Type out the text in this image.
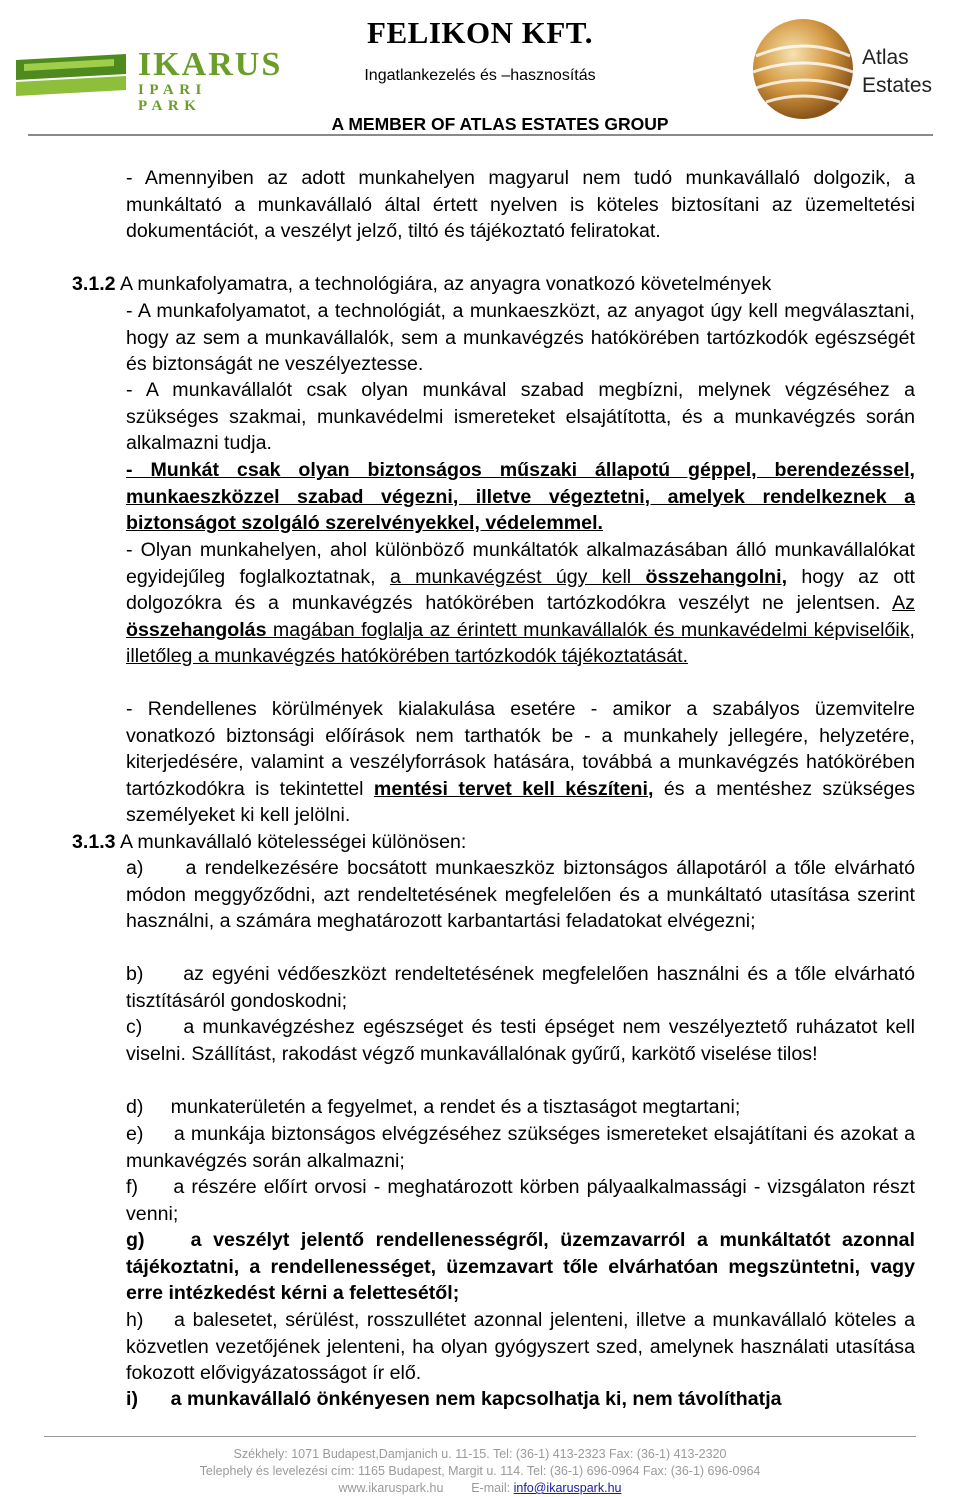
IKARUS
IPARI PARK
FELIKON KFT.
Ingatlankezelés és –hasznosítás
A MEMBER OF ATLAS ESTATES GROUP
Atlas
Estates
- Amennyiben az adott munkahelyen magyarul nem tudó munkavállaló dolgozik, a munkáltató a munkavállaló által értett nyelven is köteles biztosítani az üzemeltetési dokumentációt, a veszélyt jelző, tiltó és tájékoztató feliratokat.
3.1.2 A munkafolyamatra, a technológiára, az anyagra vonatkozó követelmények
- A munkafolyamatot, a technológiát, a munkaeszközt, az anyagot úgy kell megválasztani, hogy az sem a munkavállalók, sem a munkavégzés hatókörében tartózkodók egészségét és biztonságát ne veszélyeztesse.
- A munkavállalót csak olyan munkával szabad megbízni, melynek végzéséhez a szükséges szakmai, munkavédelmi ismereteket elsajátította, és a munkavégzés során alkalmazni tudja.
- Munkát csak olyan biztonságos műszaki állapotú géppel, berendezéssel, munkaeszközzel szabad végezni, illetve végeztetni, amelyek rendelkeznek a biztonságot szolgáló szerelvényekkel, védelemmel.
- Olyan munkahelyen, ahol különböző munkáltatók alkalmazásában álló munkavállalókat egyidejűleg foglalkoztatnak, a munkavégzést úgy kell összehangolni, hogy az ott dolgozókra és a munkavégzés hatókörében tartózkodókra veszélyt ne jelentsen. Az összehangolás magában foglalja az érintett munkavállalók és munkavédelmi képviselőik, illetőleg a munkavégzés hatókörében tartózkodók tájékoztatását.
- Rendellenes körülmények kialakulása esetére - amikor a szabályos üzemvitelre vonatkozó biztonsági előírások nem tarthatók be - a munkahely jellegére, helyzetére, kiterjedésére, valamint a veszélyforrások hatására, továbbá a munkavégzés hatókörében tartózkodókra is tekintettel mentési tervet kell készíteni, és a mentéshez szükséges személyeket ki kell jelölni.
3.1.3 A munkavállaló kötelességei különösen:
a)     a rendelkezésére bocsátott munkaeszköz biztonságos állapotáról a tőle elvárható módon meggyőződni, azt rendeltetésének megfelelően és a munkáltató utasítása szerint használni, a számára meghatározott karbantartási feladatokat elvégezni;
b)     az egyéni védőeszközt rendeltetésének megfelelően használni és a tőle elvárható tisztításáról gondoskodni;
c)     a munkavégzéshez egészséget és testi épséget nem veszélyeztető ruházatot kell viselni. Szállítást, rakodást végző munkavállalónak gyűrű, karkötő viselése tilos!
d)     munkaterületén a fegyelmet, a rendet és a tisztaságot megtartani;
e)     a munkája biztonságos elvégzéséhez szükséges ismereteket elsajátítani és azokat a munkavégzés során alkalmazni;
f)     a részére előírt orvosi - meghatározott körben pályaalkalmassági - vizsgálaton részt venni;
g)    a veszélyt jelentő rendellenességről, üzemzavarról a munkáltatót azonnal tájékoztatni, a rendellenességet, üzemzavart tőle elvárhatóan megszüntetni, vagy erre intézkedést kérni a felettesétől;
h)    a balesetet, sérülést, rosszullétet azonnal jelenteni, illetve a munkavállaló köteles a közvetlen vezetőjének jelenteni, ha olyan gyógyszert szed, amelynek használati utasítása fokozott elővigyázatosságot ír elő.
i)      a munkavállaló önkényesen nem kapcsolhatja ki, nem távolíthatja
Székhely: 1071 Budapest,Damjanich u. 11-15. Tel: (36-1) 413-2323 Fax: (36-1) 413-2320
Telephely és levelezési cím: 1165 Budapest, Margit u. 114. Tel: (36-1) 696-0964 Fax: (36-1) 696-0964
www.ikaruspark.hu E-mail: info@ikaruspark.hu
